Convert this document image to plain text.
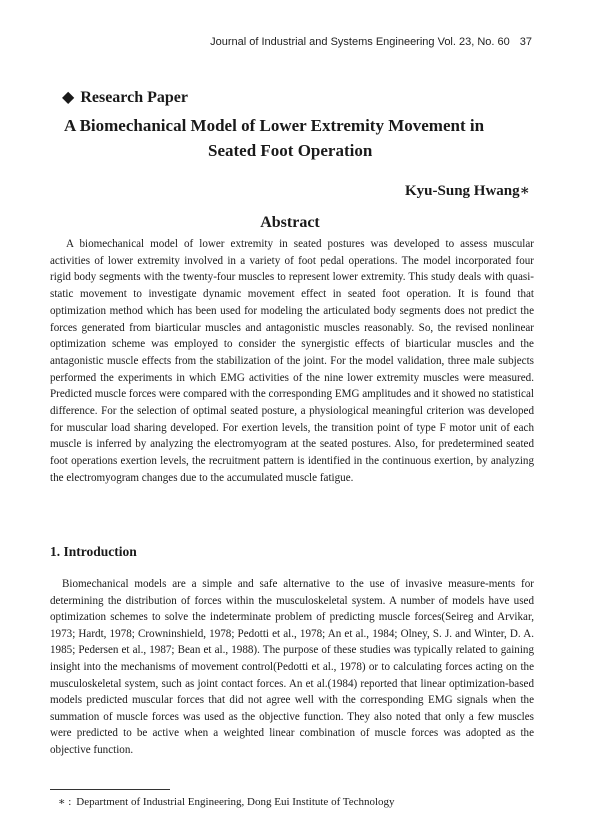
Journal of Industrial and Systems Engineering Vol. 23, No. 60 37
◆ Research Paper
A Biomechanical Model of Lower Extremity Movement in
Seated Foot Operation
Kyu-Sung Hwang∗
Abstract

A biomechanical model of lower extremity in seated postures was developed to assess muscular activities of lower extremity involved in a variety of foot pedal operations. The model incorporated four rigid body segments with the twenty-four muscles to represent lower extremity. This study deals with quasi-static movement to investigate dynamic movement effect in seated foot operation. It is found that optimization method which has been used for modeling the articulated body segments does not predict the forces generated from biarticular muscles and antagonistic muscles reasonably. So, the revised nonlinear optimization scheme was employed to consider the synergistic effects of biarticular muscles and the antagonistic muscle effects from the stabilization of the joint. For the model validation, three male subjects performed the experiments in which EMG activities of the nine lower extremity muscles were measured. Predicted muscle forces were compared with the corresponding EMG amplitudes and it showed no statistical difference. For the selection of optimal seated posture, a physiological meaningful criterion was developed for muscular load sharing developed. For exertion levels, the transition point of type F motor unit of each muscle is inferred by analyzing the electromyogram at the seated postures. Also, for predetermined seated foot operations exertion levels, the recruitment pattern is identified in the continuous exertion, by analyzing the electromyogram changes due to the accumulated muscle fatigue.

1. Introduction

Biomechanical models are a simple and safe alternative to the use of invasive measure-ments for determining the distribution of forces within the musculoskeletal system. A number of models have used optimization schemes to solve the indeterminate problem of predicting muscle forces(Seireg and Arvikar, 1973; Hardt, 1978; Crowninshield, 1978; Pedotti et al., 1978; An et al., 1984; Olney, S. J. and Winter, D. A. 1985; Pedersen et al., 1987; Bean et al., 1988). The purpose of these studies was typically related to gaining insight into the mechanisms of movement control(Pedotti et al., 1978) or to calculating forces acting on the musculoskeletal system, such as joint contact forces. An et al.(1984) reported that linear optimization-based models predicted muscular forces that did not agree well with the corresponding EMG signals when the summation of muscle forces was used as the objective function. They also noted that only a few muscles were predicted to be active when a weighted linear combination of muscle forces was adopted as the objective function.

∗ : Department of Industrial Engineering, Dong Eui Institute of Technology
